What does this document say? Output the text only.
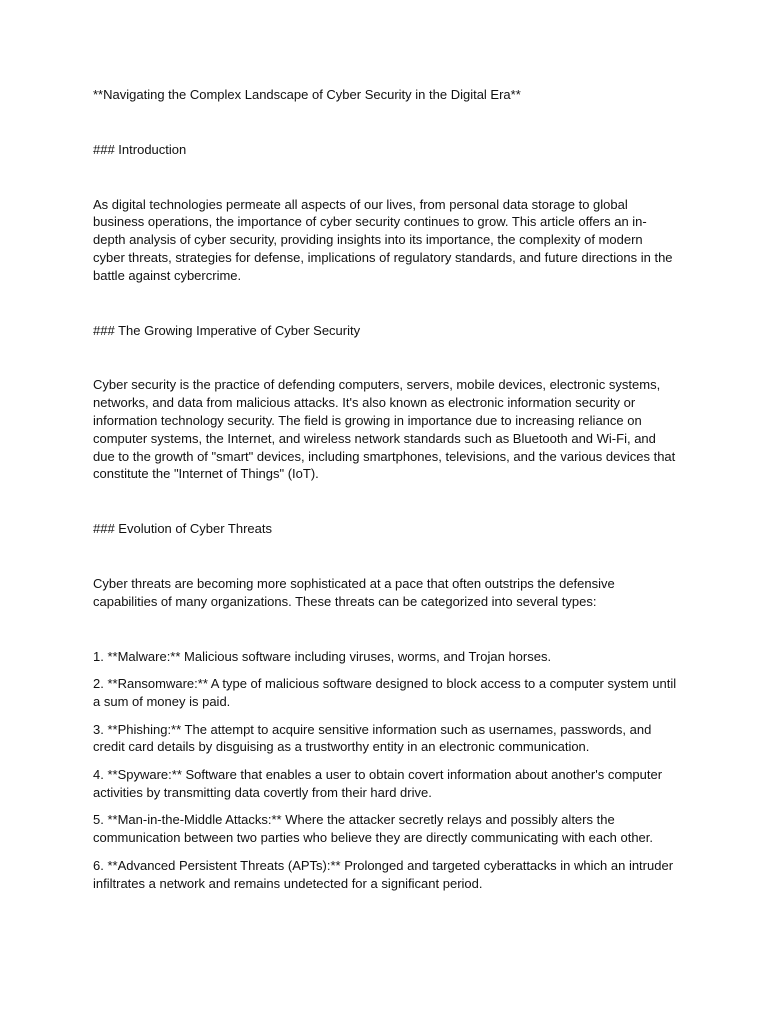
**Navigating the Complex Landscape of Cyber Security in the Digital Era**

### Introduction

As digital technologies permeate all aspects of our lives, from personal data storage to global business operations, the importance of cyber security continues to grow. This article offers an in-depth analysis of cyber security, providing insights into its importance, the complexity of modern cyber threats, strategies for defense, implications of regulatory standards, and future directions in the battle against cybercrime.

### The Growing Imperative of Cyber Security

Cyber security is the practice of defending computers, servers, mobile devices, electronic systems, networks, and data from malicious attacks. It's also known as electronic information security or information technology security. The field is growing in importance due to increasing reliance on computer systems, the Internet, and wireless network standards such as Bluetooth and Wi-Fi, and due to the growth of "smart" devices, including smartphones, televisions, and the various devices that constitute the "Internet of Things" (IoT).

### Evolution of Cyber Threats

Cyber threats are becoming more sophisticated at a pace that often outstrips the defensive capabilities of many organizations. These threats can be categorized into several types:

1. **Malware:** Malicious software including viruses, worms, and Trojan horses.
2. **Ransomware:** A type of malicious software designed to block access to a computer system until a sum of money is paid.
3. **Phishing:** The attempt to acquire sensitive information such as usernames, passwords, and credit card details by disguising as a trustworthy entity in an electronic communication.
4. **Spyware:** Software that enables a user to obtain covert information about another's computer activities by transmitting data covertly from their hard drive.
5. **Man-in-the-Middle Attacks:** Where the attacker secretly relays and possibly alters the communication between two parties who believe they are directly communicating with each other.
6. **Advanced Persistent Threats (APTs):** Prolonged and targeted cyberattacks in which an intruder infiltrates a network and remains undetected for a significant period.
